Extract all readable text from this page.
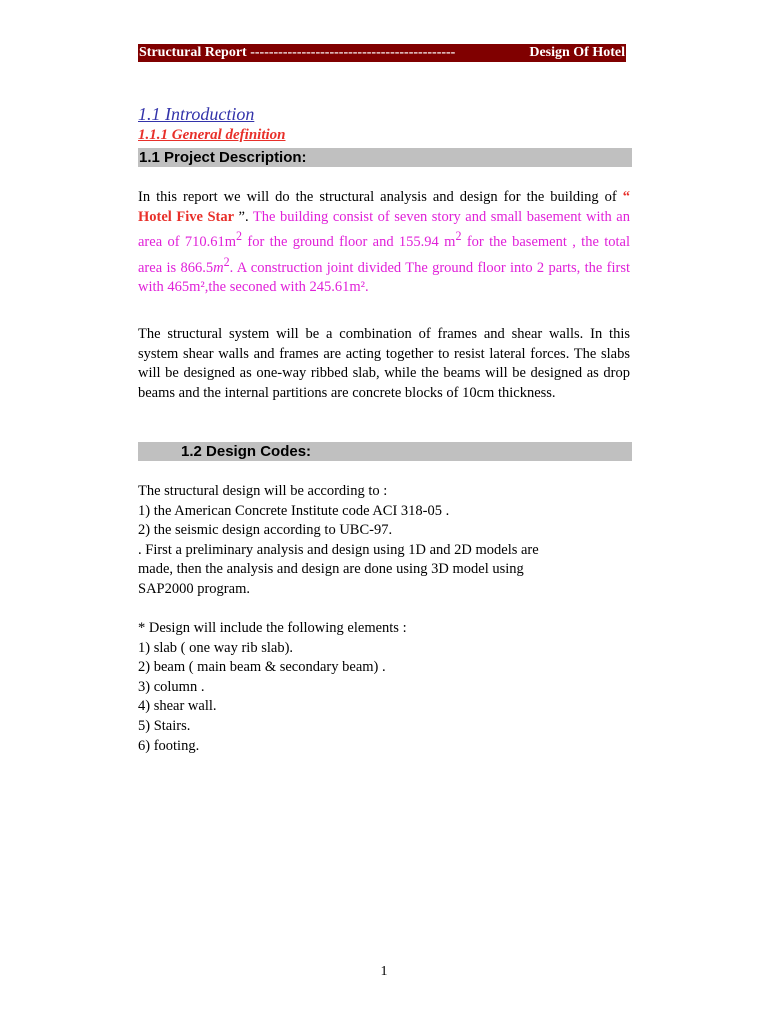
Structural Report --------------------------------------------	Design Of Hotel
1.1 Introduction
1.1.1 General definition
1.1 Project Description:
In this report we will do the structural analysis and design for the building of “ Hotel Five Star ”. The building consist of seven story and small basement with an area of $710.61m^2$ for the ground floor and 155.94 $m^2$ for the basement , the total area is $866.5m^2$. A construction joint divided The ground floor into 2 parts, the first with 465m²,the seconed with 245.61m².
The structural system will be a combination of frames and shear walls. In this system shear walls and frames are acting together to resist lateral forces. The slabs will be designed as one-way ribbed slab, while the beams will be designed as drop beams and the internal partitions are concrete blocks of 10cm thickness.
1.2 Design Codes:
The structural design will be according to :
1) the American Concrete Institute code ACI 318-05 .
2) the seismic design according to UBC-97.
. First a preliminary analysis and design using 1D and 2D models are
made, then the analysis and design are done using 3D model using
SAP2000 program.
* Design will include the following elements :
1) slab ( one way rib slab).
2) beam ( main beam & secondary beam) .
3) column .
4) shear wall.
5) Stairs.
6) footing.
1
